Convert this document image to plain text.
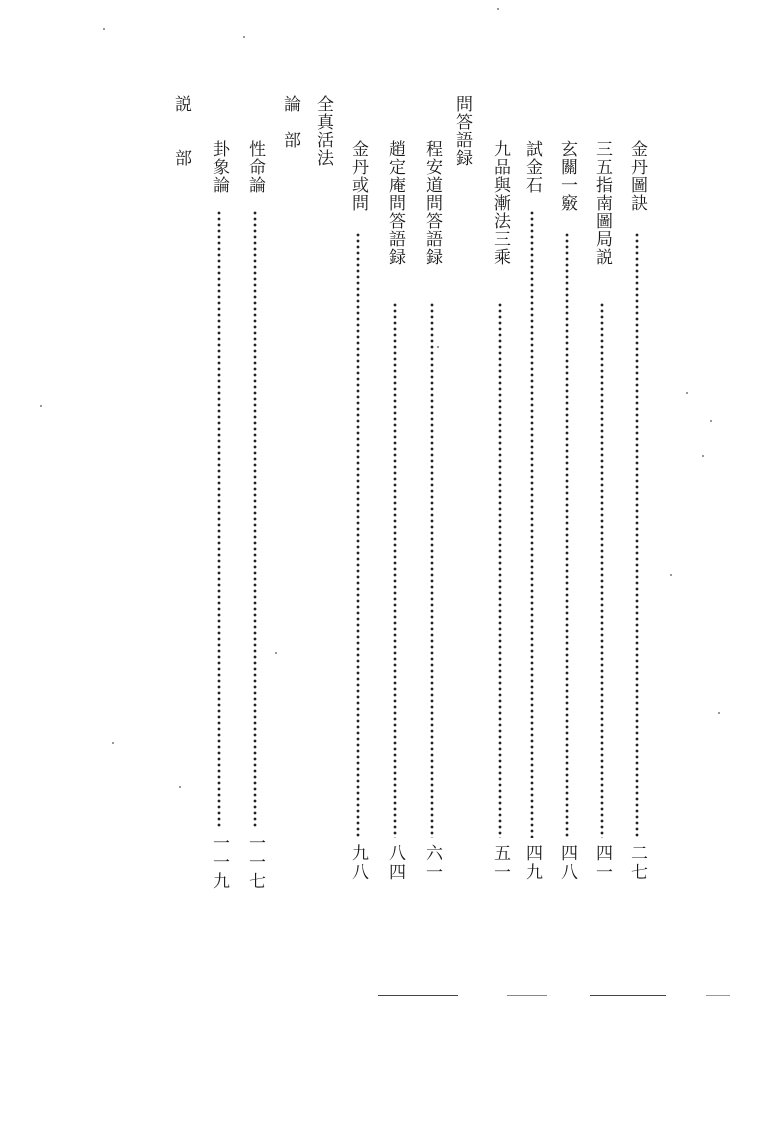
金丹圖訣
二七
三五指南圖局説
四一
玄關一竅
四八
試金石
四九
九品與漸法三乘
五一
問答語録
程安道問答語録
六一
趙定庵問答語録
八四
金丹或問
九八
全真活法
論　部
性命論
一一七
卦象論
一一九
説　　部
